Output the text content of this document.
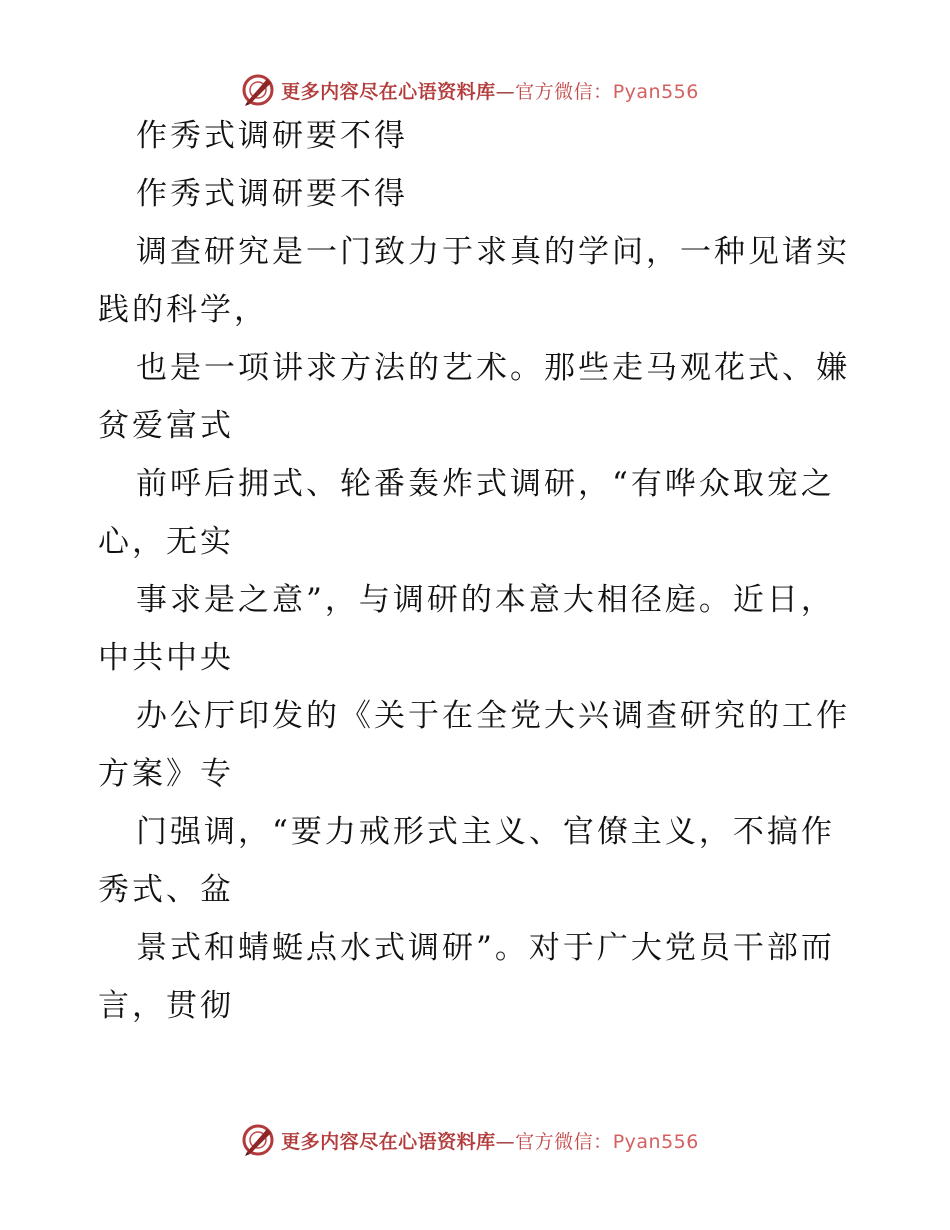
更多内容尽在心语资料库—官方微信：Pyan556
作秀式调研要不得
作秀式调研要不得
调查研究是一门致力于求真的学问，一种见诸实
践的科学，
也是一项讲求方法的艺术。那些走马观花式、嫌
贫爱富式
前呼后拥式、轮番轰炸式调研，“有哗众取宠之
心，无实
事求是之意”，与调研的本意大相径庭。近日，
中共中央
办公厅印发的《关于在全党大兴调查研究的工作
方案》专
门强调，“要力戒形式主义、官僚主义，不搞作
秀式、盆
景式和蜻蜓点水式调研”。对于广大党员干部而
言，贯彻
更多内容尽在心语资料库—官方微信：Pyan556
